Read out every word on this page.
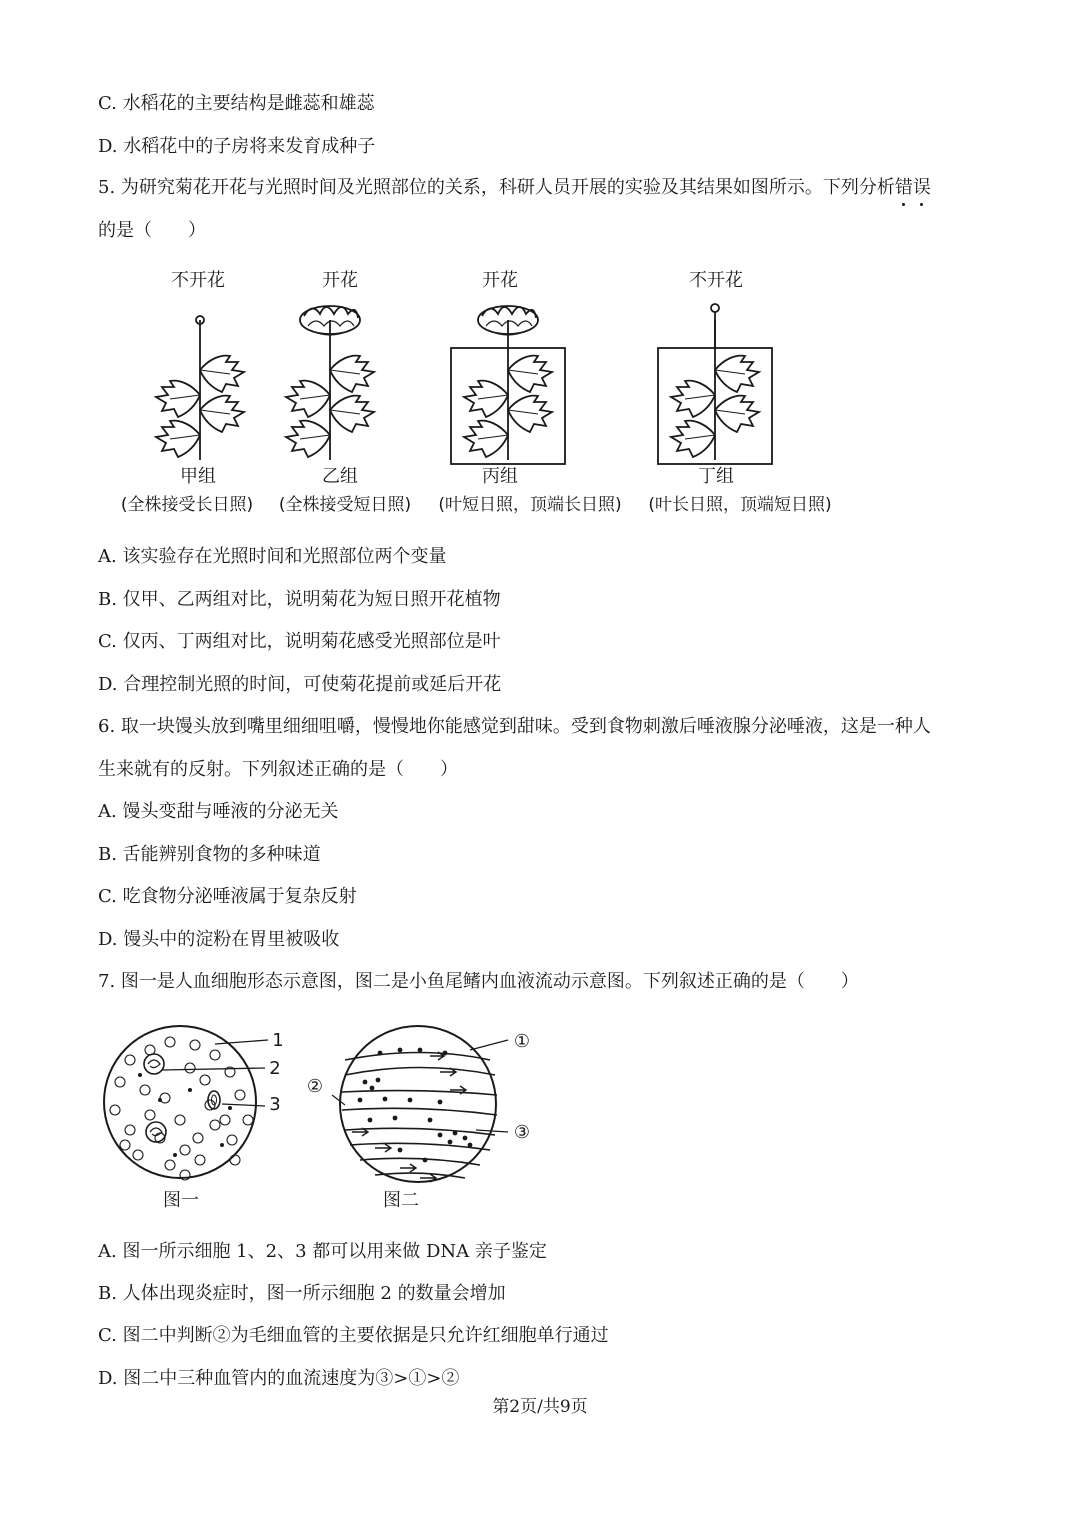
C. 水稻花的主要结构是雌蕊和雄蕊
D. 水稻花中的子房将来发育成种子
5. 为研究菊花开花与光照时间及光照部位的关系，科研人员开展的实验及其结果如图所示。下列分析错误
的是（　　）
不开花	开花	开花	不开花
甲组	乙组	丙组	丁组
(全株接受长日照)	(全株接受短日照)	(叶短日照，顶端长日照)	(叶长日照，顶端短日照)
A. 该实验存在光照时间和光照部位两个变量
B. 仅甲、乙两组对比，说明菊花为短日照开花植物
C. 仅丙、丁两组对比，说明菊花感受光照部位是叶
D. 合理控制光照的时间，可使菊花提前或延后开花
6. 取一块馒头放到嘴里细细咀嚼，慢慢地你能感觉到甜味。受到食物刺激后唾液腺分泌唾液，这是一种人
生来就有的反射。下列叙述正确的是（　　）
A. 馒头变甜与唾液的分泌无关
B. 舌能辨别食物的多种味道
C. 吃食物分泌唾液属于复杂反射
D. 馒头中的淀粉在胃里被吸收
7. 图一是人血细胞形态示意图，图二是小鱼尾鳍内血液流动示意图。下列叙述正确的是（　　）
1
2
3
①
②
③
图一	图二
A. 图一所示细胞 1、2、3 都可以用来做 DNA 亲子鉴定
B. 人体出现炎症时，图一所示细胞 2 的数量会增加
C. 图二中判断②为毛细血管的主要依据是只允许红细胞单行通过
D. 图二中三种血管内的血流速度为③>①>②
第2页/共9页
